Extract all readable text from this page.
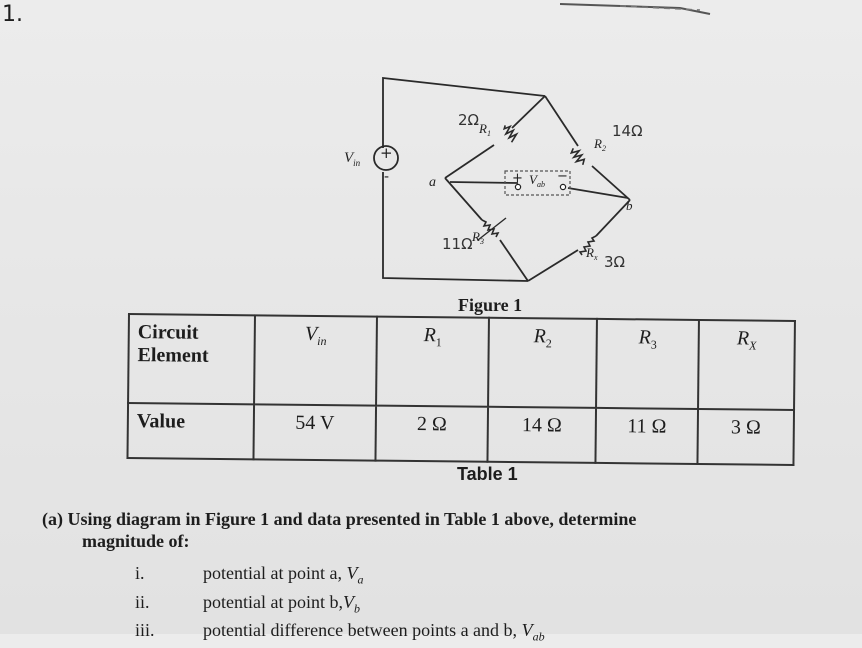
1.
+
-
$V_{in}$
+ $V_{ab}$
−
a
b
$R_1$
$R_2$
$R_3$
$R_x$
2Ω
14Ω
11Ω
3Ω
Figure 1
Circuit Element	$V_{in}$	$R_1$	$R_2$	$R_3$	$R_X$
Value	54 V	2 Ω	14 Ω	11 Ω	3 Ω
Table 1
(a) Using diagram in Figure 1 and data presented in Table 1 above, determine
magnitude of:
i.	potential at point a, $V_a$
ii.	potential at point $b,V_b$
iii.	potential difference between points a and b, $V_{ab}$
